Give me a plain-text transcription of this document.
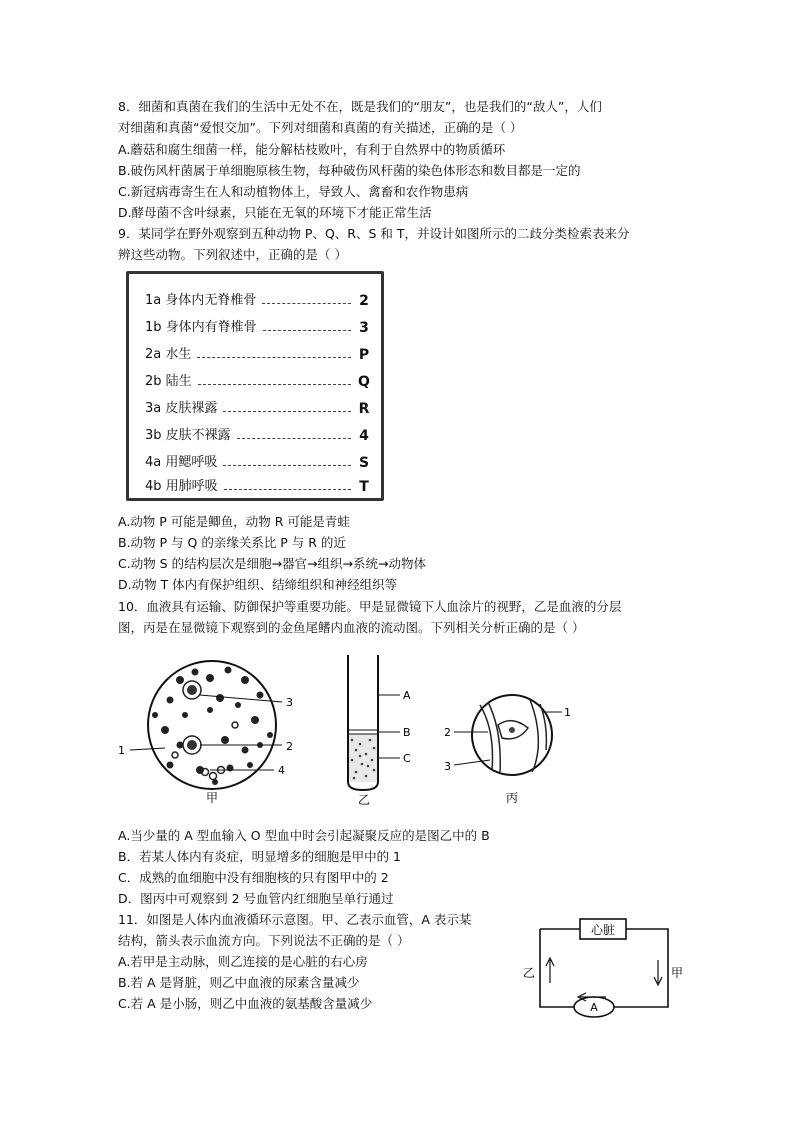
8．细菌和真菌在我们的生活中无处不在，既是我们的“朋友”，也是我们的“敌人”，人们
对细菌和真菌“爱恨交加”。下列对细菌和真菌的有关描述，正确的是（ ）
A.蘑菇和腐生细菌一样，能分解枯枝败叶，有利于自然界中的物质循环
B.破伤风杆菌属于单细胞原核生物，每种破伤风杆菌的染色体形态和数目都是一定的
C.新冠病毒寄生在人和动植物体上，导致人、禽畜和农作物患病
D.酵母菌不含叶绿素，只能在无氧的环境下才能正常生活
9．某同学在野外观察到五种动物 P、Q、R、S 和 T，并设计如图所示的二歧分类检索表来分
辨这些动物。下列叙述中，正确的是（ ）
1a 身体内无脊椎骨	2
1b 身体内有脊椎骨	3
2a 水生	P
2b 陆生	Q
3a 皮肤裸露	R
3b 皮肤不裸露	4
4a 用鳃呼吸	S
4b 用肺呼吸	T
A.动物 P 可能是鲫鱼，动物 R 可能是青蛙
B.动物 P 与 Q 的亲缘关系比 P 与 R 的近
C.动物 S 的结构层次是细胞→器官→组织→系统→动物体
D.动物 T 体内有保护组织、结缔组织和神经组织等
10．血液具有运输、防御保护等重要功能。甲是显微镜下人血涂片的视野，乙是血液的分层
图，丙是在显微镜下观察到的金鱼尾鳍内血液的流动图。下列相关分析正确的是（ ）
1	2
3
4
甲
A
B
C
乙
1
2
3
丙
A.当少量的 A 型血输入 O 型血中时会引起凝聚反应的是图乙中的 B
B．若某人体内有炎症，明显增多的细胞是甲中的 1
C．成熟的血细胞中没有细胞核的只有图甲中的 2
D．图丙中可观察到 2 号血管内红细胞呈单行通过
11．如图是人体内血液循环示意图。甲、乙表示血管，A 表示某
结构，箭头表示血流方向。下列说法不正确的是（ ）
A.若甲是主动脉，则乙连接的是心脏的右心房
B.若 A 是肾脏，则乙中血液的尿素含量减少
C.若 A 是小肠，则乙中血液的氨基酸含量减少
心脏
A
乙	甲
